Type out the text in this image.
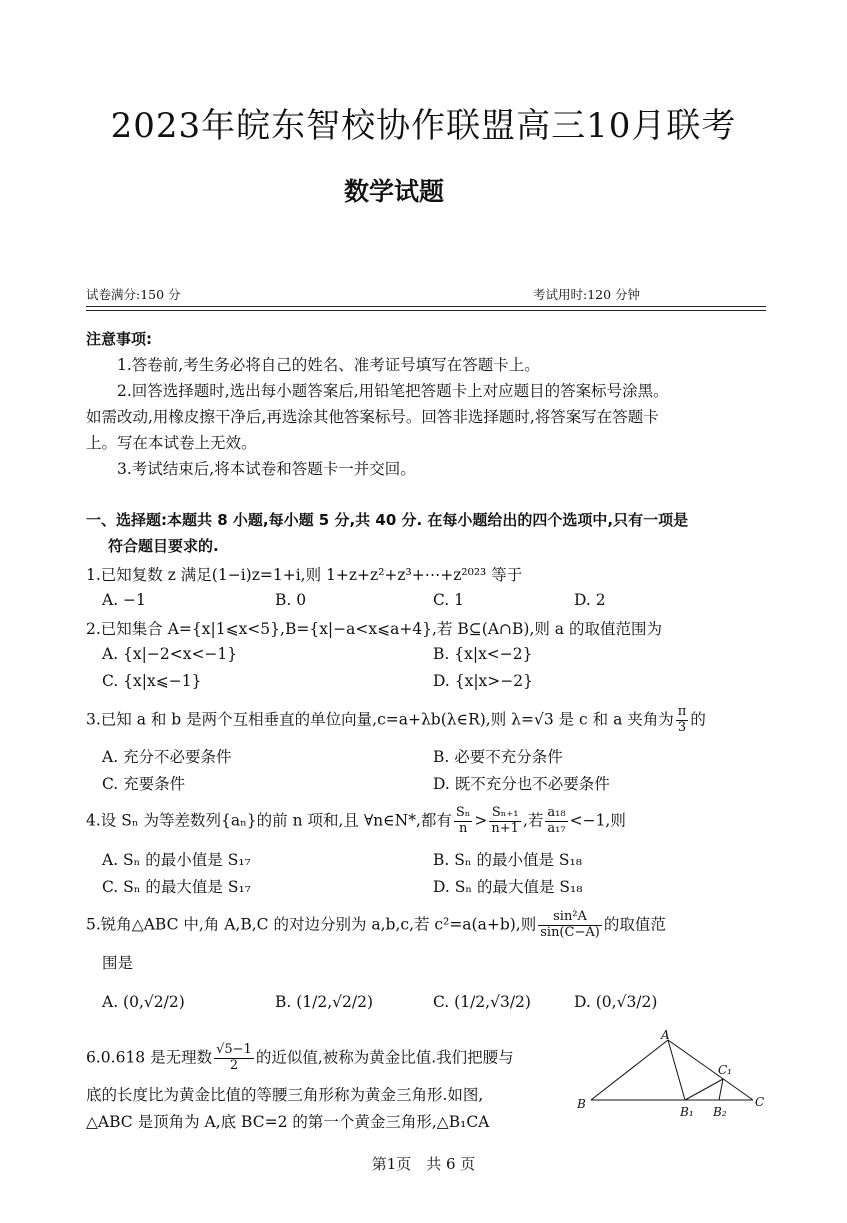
2023年皖东智校协作联盟高三10月联考
数学试题
试卷满分:150 分	考试用时:120 分钟
注意事项:
1.答卷前,考生务必将自己的姓名、准考证号填写在答题卡上。
2.回答选择题时,选出每小题答案后,用铅笔把答题卡上对应题目的答案标号涂黑。
如需改动,用橡皮擦干净后,再选涂其他答案标号。回答非选择题时,将答案写在答题卡
上。写在本试卷上无效。
3.考试结束后,将本试卷和答题卡一并交回。
一、选择题:本题共 8 小题,每小题 5 分,共 40 分. 在每小题给出的四个选项中,只有一项是
符合题目要求的.
1.已知复数 z 满足(1−i)z=1+i,则 1+z+z²+z³+⋯+z²⁰²³ 等于
A. −1	B. 0	C. 1	D. 2
2.已知集合 A={x|1⩽x<5},B={x|−a<x⩽a+4},若 B⊆(A∩B),则 a 的取值范围为
A. {x|−2<x<−1}	B. {x|x<−2}
C. {x|x⩽−1}	D. {x|x>−2}
3.已知 a 和 b 是两个互相垂直的单位向量,c=a+λb(λ∈R),则 λ=√3 是 c 和 a 夹角为 $\frac{\pi}{3}$ 的
A. 充分不必要条件	B. 必要不充分条件
C. 充要条件	D. 既不充分也不必要条件
4.设 Sₙ 为等差数列{aₙ}的前 n 项和,且 ∀n∈N*,都有 $\frac{\text{Sₙ}}{n} > \frac{\text{Sₙ₊₁}}{n+1}$ ,若 $\frac{\text{a₁₈}}{\text{a₁₇}} <-1$,则
A. Sₙ 的最小值是 S₁₇	B. Sₙ 的最小值是 S₁₈
C. Sₙ 的最大值是 S₁₇	D. Sₙ 的最大值是 S₁₈
5.锐角△ABC 中,角 A,B,C 的对边分别为 a,b,c,若 c²=a(a+b),则 $\frac{\text{sin²A}}{\sin(C-A)}$ 的取值范
围是
A. (0,√2/2)	B. (1/2,√2/2)	C. (1/2,√3/2)	D. (0,√3/2)
6.0.618 是无理数 $\frac{√5-1}{2}$ 的近似值,被称为黄金比值.我们把腰与
底的长度比为黄金比值的等腰三角形称为黄金三角形.如图,
△ABC 是顶角为 A,底 BC=2 的第一个黄金三角形,△B₁CA
A
B	C
B₁ B₂
C₁
第1页　共 6 页
